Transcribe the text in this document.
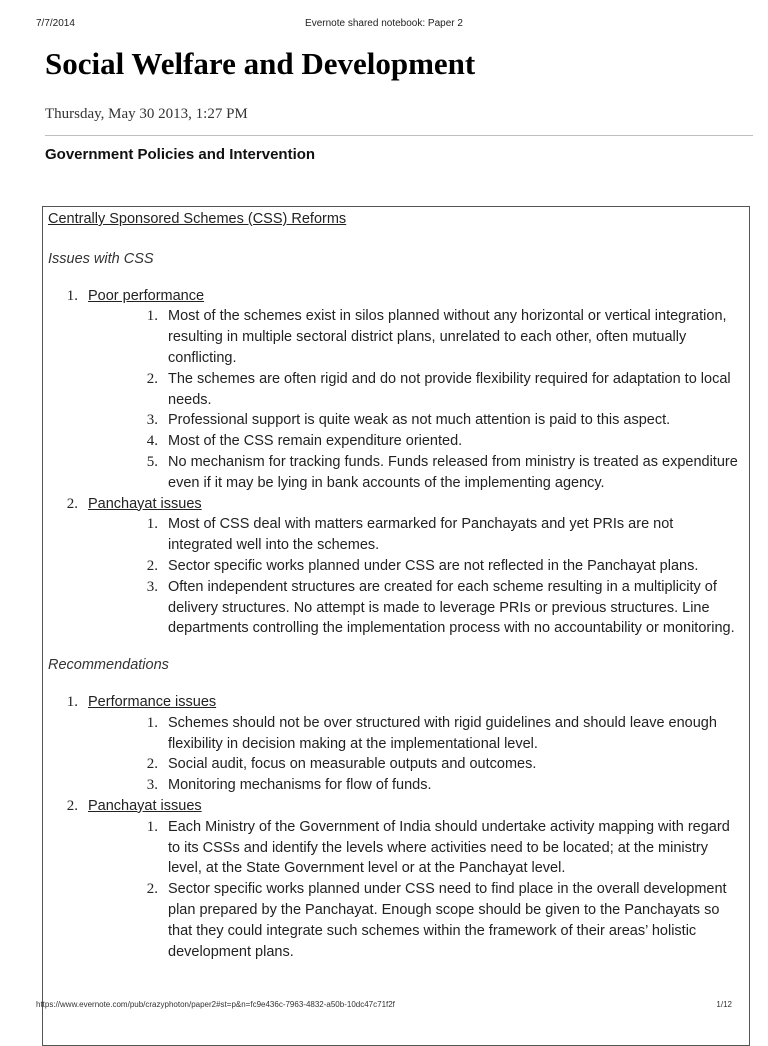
7/7/2014	Evernote shared notebook: Paper 2
Social Welfare and Development
Thursday, May 30 2013, 1:27 PM
Government Policies and Intervention

Centrally Sponsored Schemes (CSS) Reforms

Issues with CSS

1. Poor performance
1. Most of the schemes exist in silos planned without any horizontal or vertical integration, resulting in multiple sectoral district plans, unrelated to each other, often mutually conflicting.
2. The schemes are often rigid and do not provide flexibility required for adaptation to local needs.
3. Professional support is quite weak as not much attention is paid to this aspect.
4. Most of the CSS remain expenditure oriented.
5. No mechanism for tracking funds. Funds released from ministry is treated as expenditure even if it may be lying in bank accounts of the implementing agency.
2. Panchayat issues
1. Most of CSS deal with matters earmarked for Panchayats and yet PRIs are not integrated well into the schemes.
2. Sector specific works planned under CSS are not reflected in the Panchayat plans.
3. Often independent structures are created for each scheme resulting in a multiplicity of delivery structures. No attempt is made to leverage PRIs or previous structures. Line departments controlling the implementation process with no accountability or monitoring.

Recommendations

1. Performance issues
1. Schemes should not be over structured with rigid guidelines and should leave enough flexibility in decision making at the implementational level.
2. Social audit, focus on measurable outputs and outcomes.
3. Monitoring mechanisms for flow of funds.
2. Panchayat issues
1. Each Ministry of the Government of India should undertake activity mapping with regard to its CSSs and identify the levels where activities need to be located; at the ministry level, at the State Government level or at the Panchayat level.
2. Sector specific works planned under CSS need to find place in the overall development plan prepared by the Panchayat. Enough scope should be given to the Panchayats so that they could integrate such schemes within the framework of their areas’ holistic development plans.
https://www.evernote.com/pub/crazyphoton/paper2#st=p&n=fc9e436c-7963-4832-a50b-10dc47c71f2f	1/12
